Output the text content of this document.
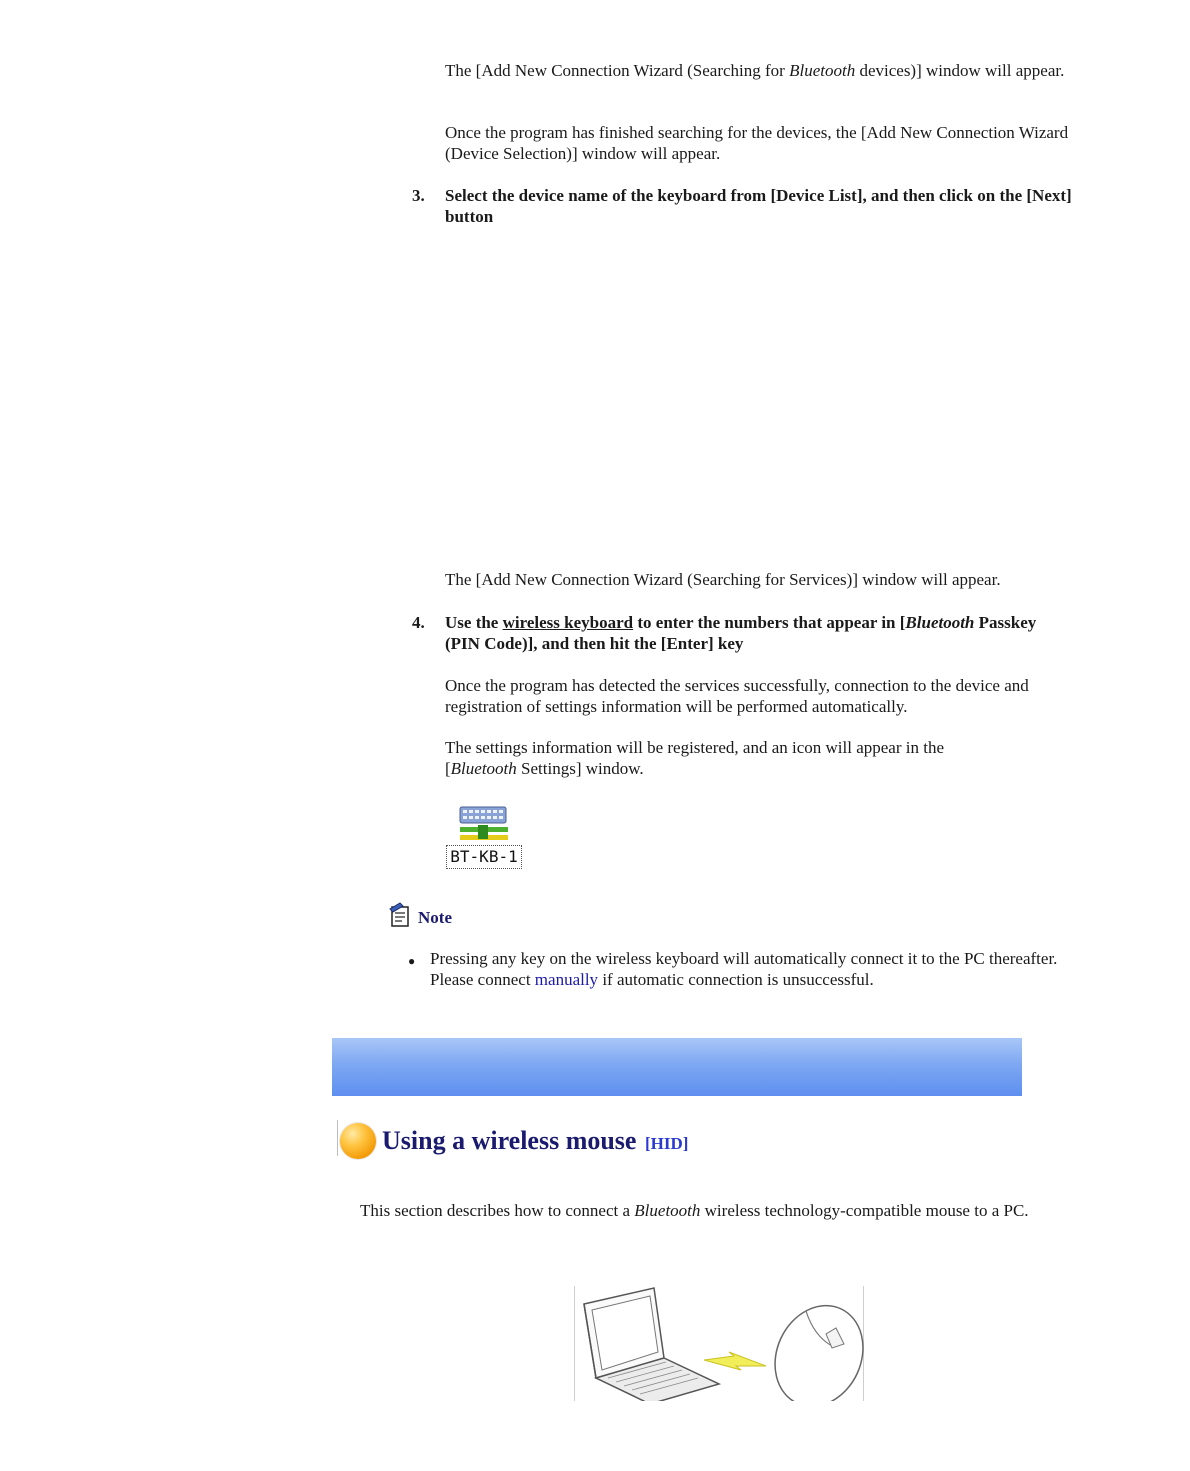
The [Add New Connection Wizard (Searching for Bluetooth devices)] window will appear.

Once the program has finished searching for the devices, the [Add New Connection Wizard (Device Selection)] window will appear.

3. Select the device name of the keyboard from [Device List], and then click on the [Next] button

The [Add New Connection Wizard (Searching for Services)] window will appear.

4. Use the wireless keyboard to enter the numbers that appear in [Bluetooth Passkey (PIN Code)], and then hit the [Enter] key

Once the program has detected the services successfully, connection to the device and registration of settings information will be performed automatically.

The settings information will be registered, and an icon will appear in the [Bluetooth Settings] window.

BT-KB-1

Note

● Pressing any key on the wireless keyboard will automatically connect it to the PC thereafter.
Please connect manually if automatic connection is unsuccessful.

Using a wireless mouse [HID]

This section describes how to connect a Bluetooth wireless technology-compatible mouse to a PC.
